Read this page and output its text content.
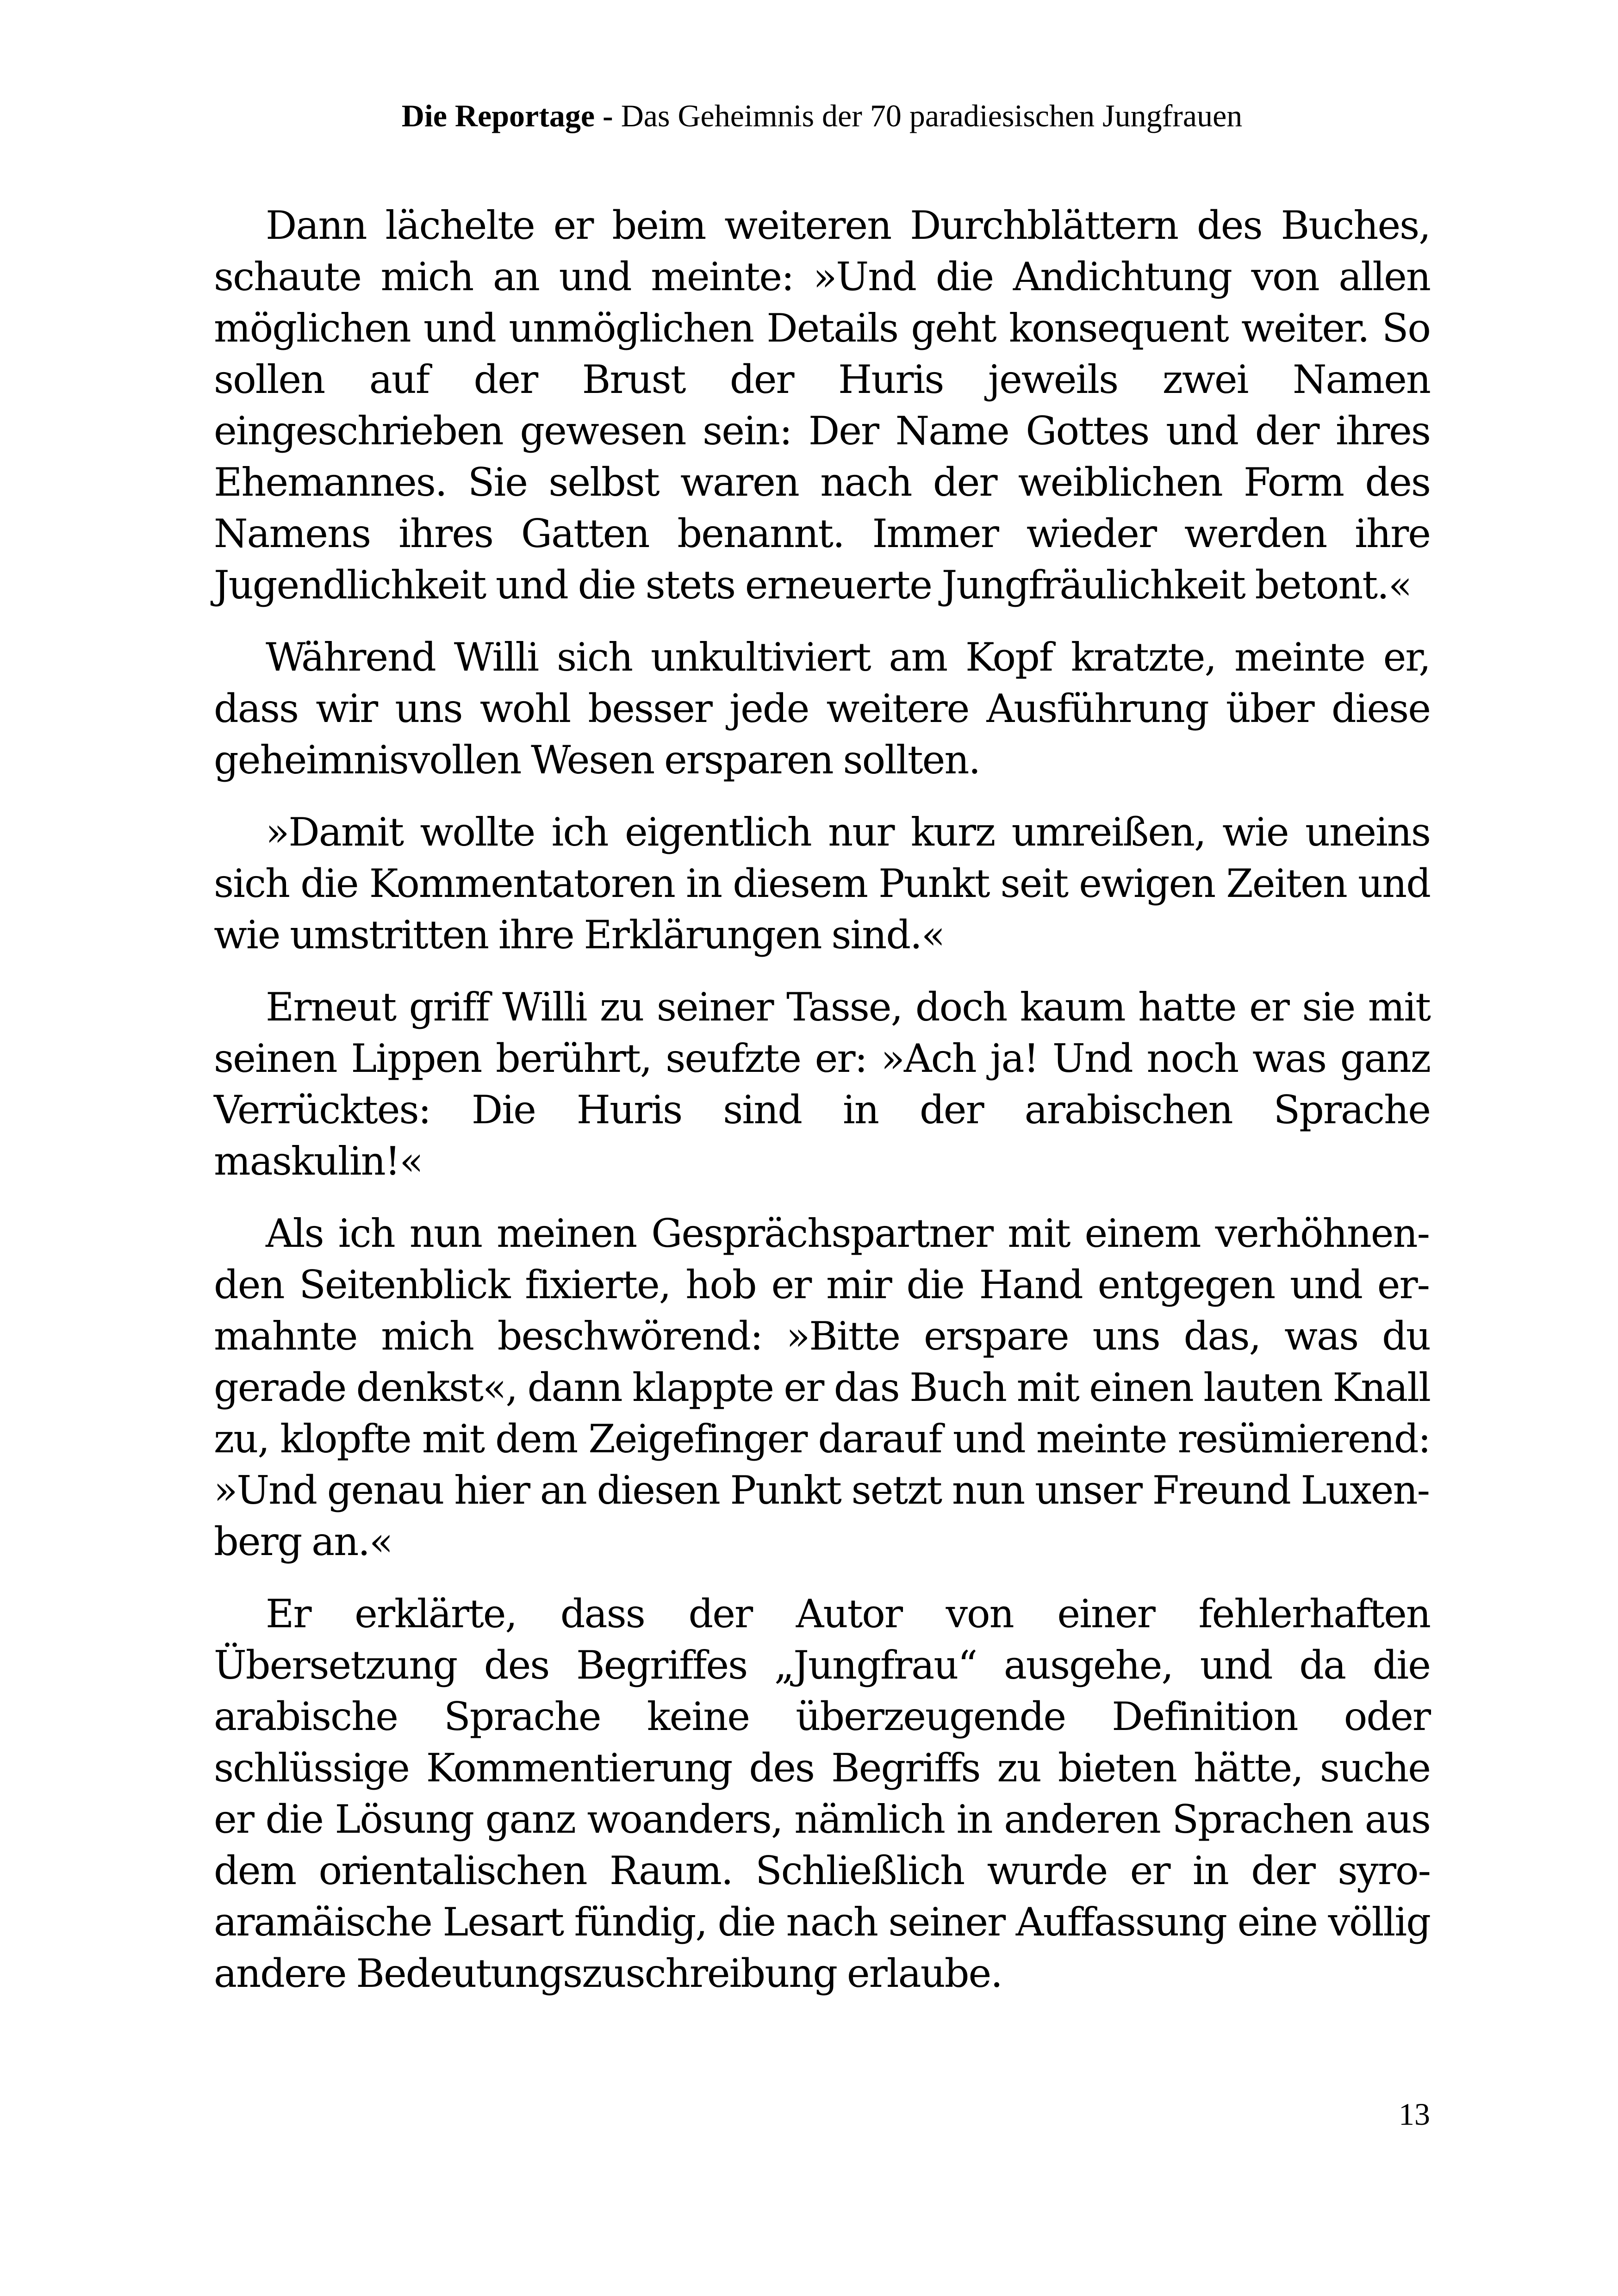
Die Reportage - Das Geheimnis der 70 paradiesischen Jungfrauen

Dann lächelte er beim weiteren Durchblättern des Buches, schaute mich an und meinte: »Und die Andichtung von allen möglichen und unmöglichen Details geht konsequent weiter. So sollen auf der Brust der Huris jeweils zwei Namen eingeschrieben gewesen sein: Der Name Gottes und der ihres Ehemannes. Sie selbst waren nach der weiblichen Form des Namens ihres Gatten benannt. Immer wieder werden ihre Jugendlichkeit und die stets erneuerte Jungfräulichkeit betont.«

Während Willi sich unkultiviert am Kopf kratzte, meinte er, dass wir uns wohl besser jede weitere Ausführung über diese geheimnisvollen Wesen ersparen sollten.

»Damit wollte ich eigentlich nur kurz umreißen, wie uneins sich die Kommentatoren in diesem Punkt seit ewigen Zeiten und wie umstritten ihre Erklärungen sind.«

Erneut griff Willi zu seiner Tasse, doch kaum hatte er sie mit seinen Lippen berührt, seufzte er: »Ach ja! Und noch was ganz Verrücktes: Die Huris sind in der arabischen Sprache maskulin!«

Als ich nun meinen Gesprächspartner mit einem verhöhnenden Seitenblick fixierte, hob er mir die Hand entgegen und ermahnte mich beschwörend: »Bitte erspare uns das, was du gerade denkst«, dann klappte er das Buch mit einen lauten Knall zu, klopfte mit dem Zeigefinger darauf und meinte resümierend: »Und genau hier an diesen Punkt setzt nun unser Freund Luxenberg an.«

Er erklärte, dass der Autor von einer fehlerhaften Übersetzung des Begriffes „Jungfrau“ ausgehe, und da die arabische Sprache keine überzeugende Definition oder schlüssige Kommentierung des Begriffs zu bieten hätte, suche er die Lösung ganz woanders, nämlich in anderen Sprachen aus dem orientalischen Raum. Schließlich wurde er in der syro-aramäische Lesart fündig, die nach seiner Auffassung eine völlig andere Bedeutungszuschreibung erlaube.

13
